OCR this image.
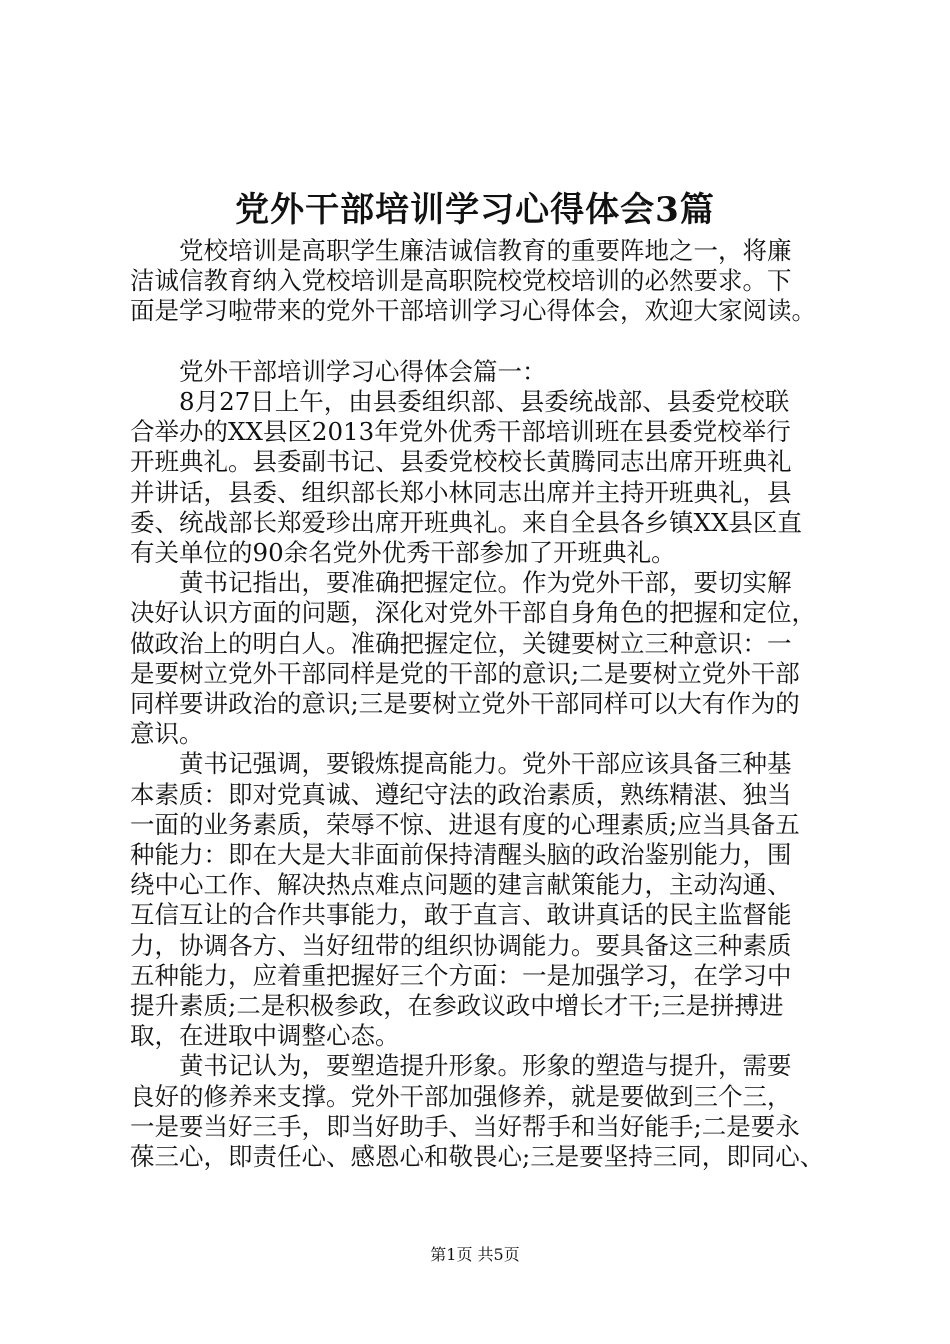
党外干部培训学习心得体会3篇

党校培训是高职学生廉洁诚信教育的重要阵地之一，将廉
洁诚信教育纳入党校培训是高职院校党校培训的必然要求。下
面是学习啦带来的党外干部培训学习心得体会，欢迎大家阅读。

党外干部培训学习心得体会篇一：

8月27日上午，由县委组织部、县委统战部、县委党校联
合举办的XX县区2013年党外优秀干部培训班在县委党校举行
开班典礼。县委副书记、县委党校校长黄腾同志出席开班典礼
并讲话，县委、组织部长郑小林同志出席并主持开班典礼，县
委、统战部长郑爱珍出席开班典礼。来自全县各乡镇XX县区直
有关单位的90余名党外优秀干部参加了开班典礼。

黄书记指出，要准确把握定位。作为党外干部，要切实解
决好认识方面的问题，深化对党外干部自身角色的把握和定位，
做政治上的明白人。准确把握定位，关键要树立三种意识：一
是要树立党外干部同样是党的干部的意识;二是要树立党外干部
同样要讲政治的意识;三是要树立党外干部同样可以大有作为的
意识。

黄书记强调，要锻炼提高能力。党外干部应该具备三种基
本素质：即对党真诚、遵纪守法的政治素质，熟练精湛、独当
一面的业务素质，荣辱不惊、进退有度的心理素质;应当具备五
种能力：即在大是大非面前保持清醒头脑的政治鉴别能力，围
绕中心工作、解决热点难点问题的建言献策能力，主动沟通、
互信互让的合作共事能力，敢于直言、敢讲真话的民主监督能
力，协调各方、当好纽带的组织协调能力。要具备这三种素质
五种能力，应着重把握好三个方面：一是加强学习，在学习中
提升素质;二是积极参政，在参政议政中增长才干;三是拼搏进
取，在进取中调整心态。

黄书记认为，要塑造提升形象。形象的塑造与提升，需要
良好的修养来支撑。党外干部加强修养，就是要做到三个三，
一是要当好三手，即当好助手、当好帮手和当好能手;二是要永
葆三心，即责任心、感恩心和敬畏心;三是要坚持三同，即同心、

第1页 共5页
